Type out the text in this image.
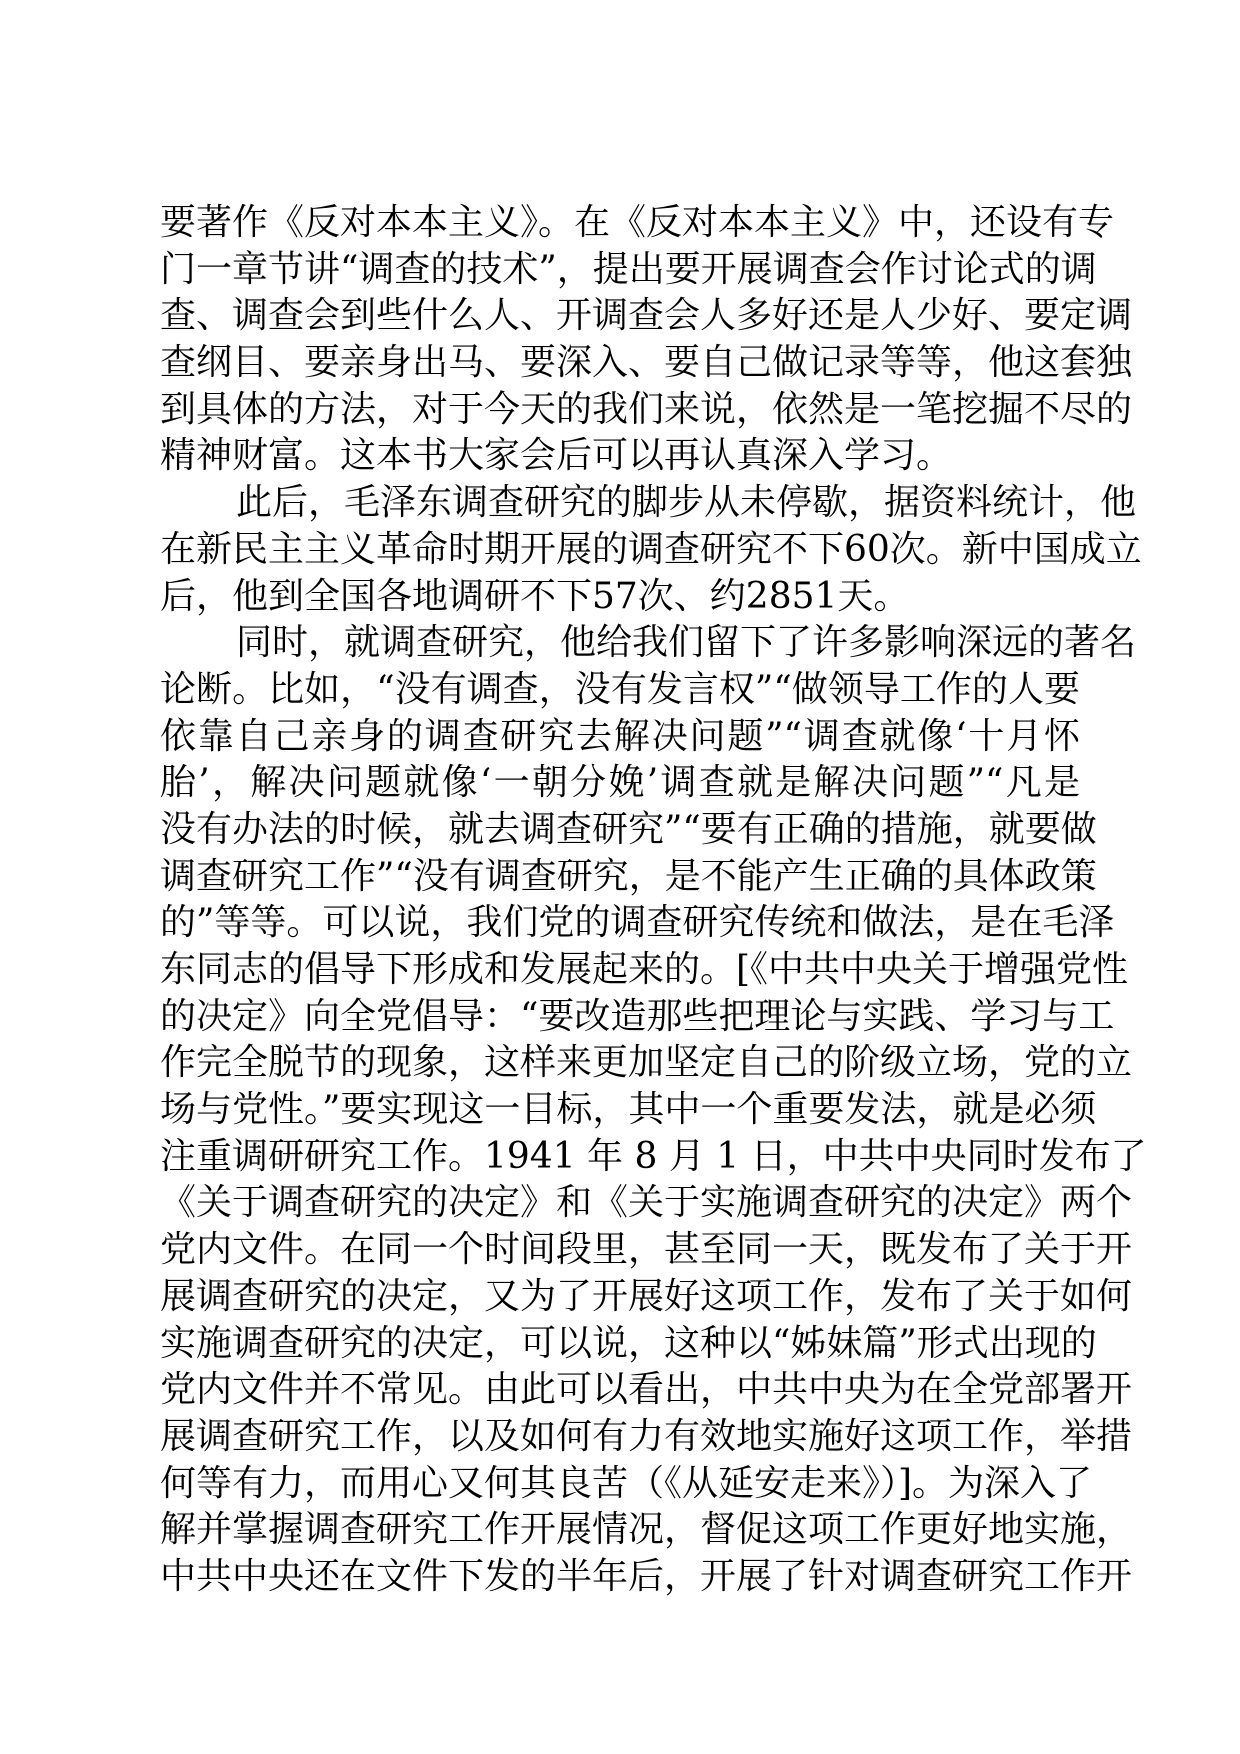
要著作《反对本本主义》。在《反对本本主义》中，还设有专
门一章节讲“调查的技术”，提出要开展调查会作讨论式的调
查、调查会到些什么人、开调查会人多好还是人少好、要定调
查纲目、要亲身出马、要深入、要自己做记录等等，他这套独
到具体的方法，对于今天的我们来说，依然是一笔挖掘不尽的
精神财富。这本书大家会后可以再认真深入学习。
此后，毛泽东调查研究的脚步从未停歇，据资料统计，他
在新民主主义革命时期开展的调查研究不下60次。新中国成立
后，他到全国各地调研不下57次、约2851天。
同时，就调查研究，他给我们留下了许多影响深远的著名
论断。比如，“没有调查，没有发言权”“做领导工作的人要
依靠自己亲身的调查研究去解决问题”“调查就像‘十月怀
胎’，解决问题就像‘一朝分娩’调查就是解决问题”“凡是
没有办法的时候，就去调查研究”“要有正确的措施，就要做
调查研究工作”“没有调查研究，是不能产生正确的具体政策
的”等等。可以说，我们党的调查研究传统和做法，是在毛泽
东同志的倡导下形成和发展起来的。[《中共中央关于增强党性
的决定》向全党倡导：“要改造那些把理论与实践、学习与工
作完全脱节的现象，这样来更加坚定自己的阶级立场，党的立
场与党性。”要实现这一目标，其中一个重要发法，就是必须
注重调研研究工作。1941 年 8 月 1 日，中共中央同时发布了
《关于调查研究的决定》和《关于实施调查研究的决定》两个
党内文件。在同一个时间段里，甚至同一天，既发布了关于开
展调查研究的决定，又为了开展好这项工作，发布了关于如何
实施调查研究的决定，可以说，这种以“姊妹篇”形式出现的
党内文件并不常见。由此可以看出，中共中央为在全党部署开
展调查研究工作，以及如何有力有效地实施好这项工作，举措
何等有力，而用心又何其良苦（《从延安走来》）]。为深入了
解并掌握调查研究工作开展情况，督促这项工作更好地实施，
中共中央还在文件下发的半年后，开展了针对调查研究工作开
